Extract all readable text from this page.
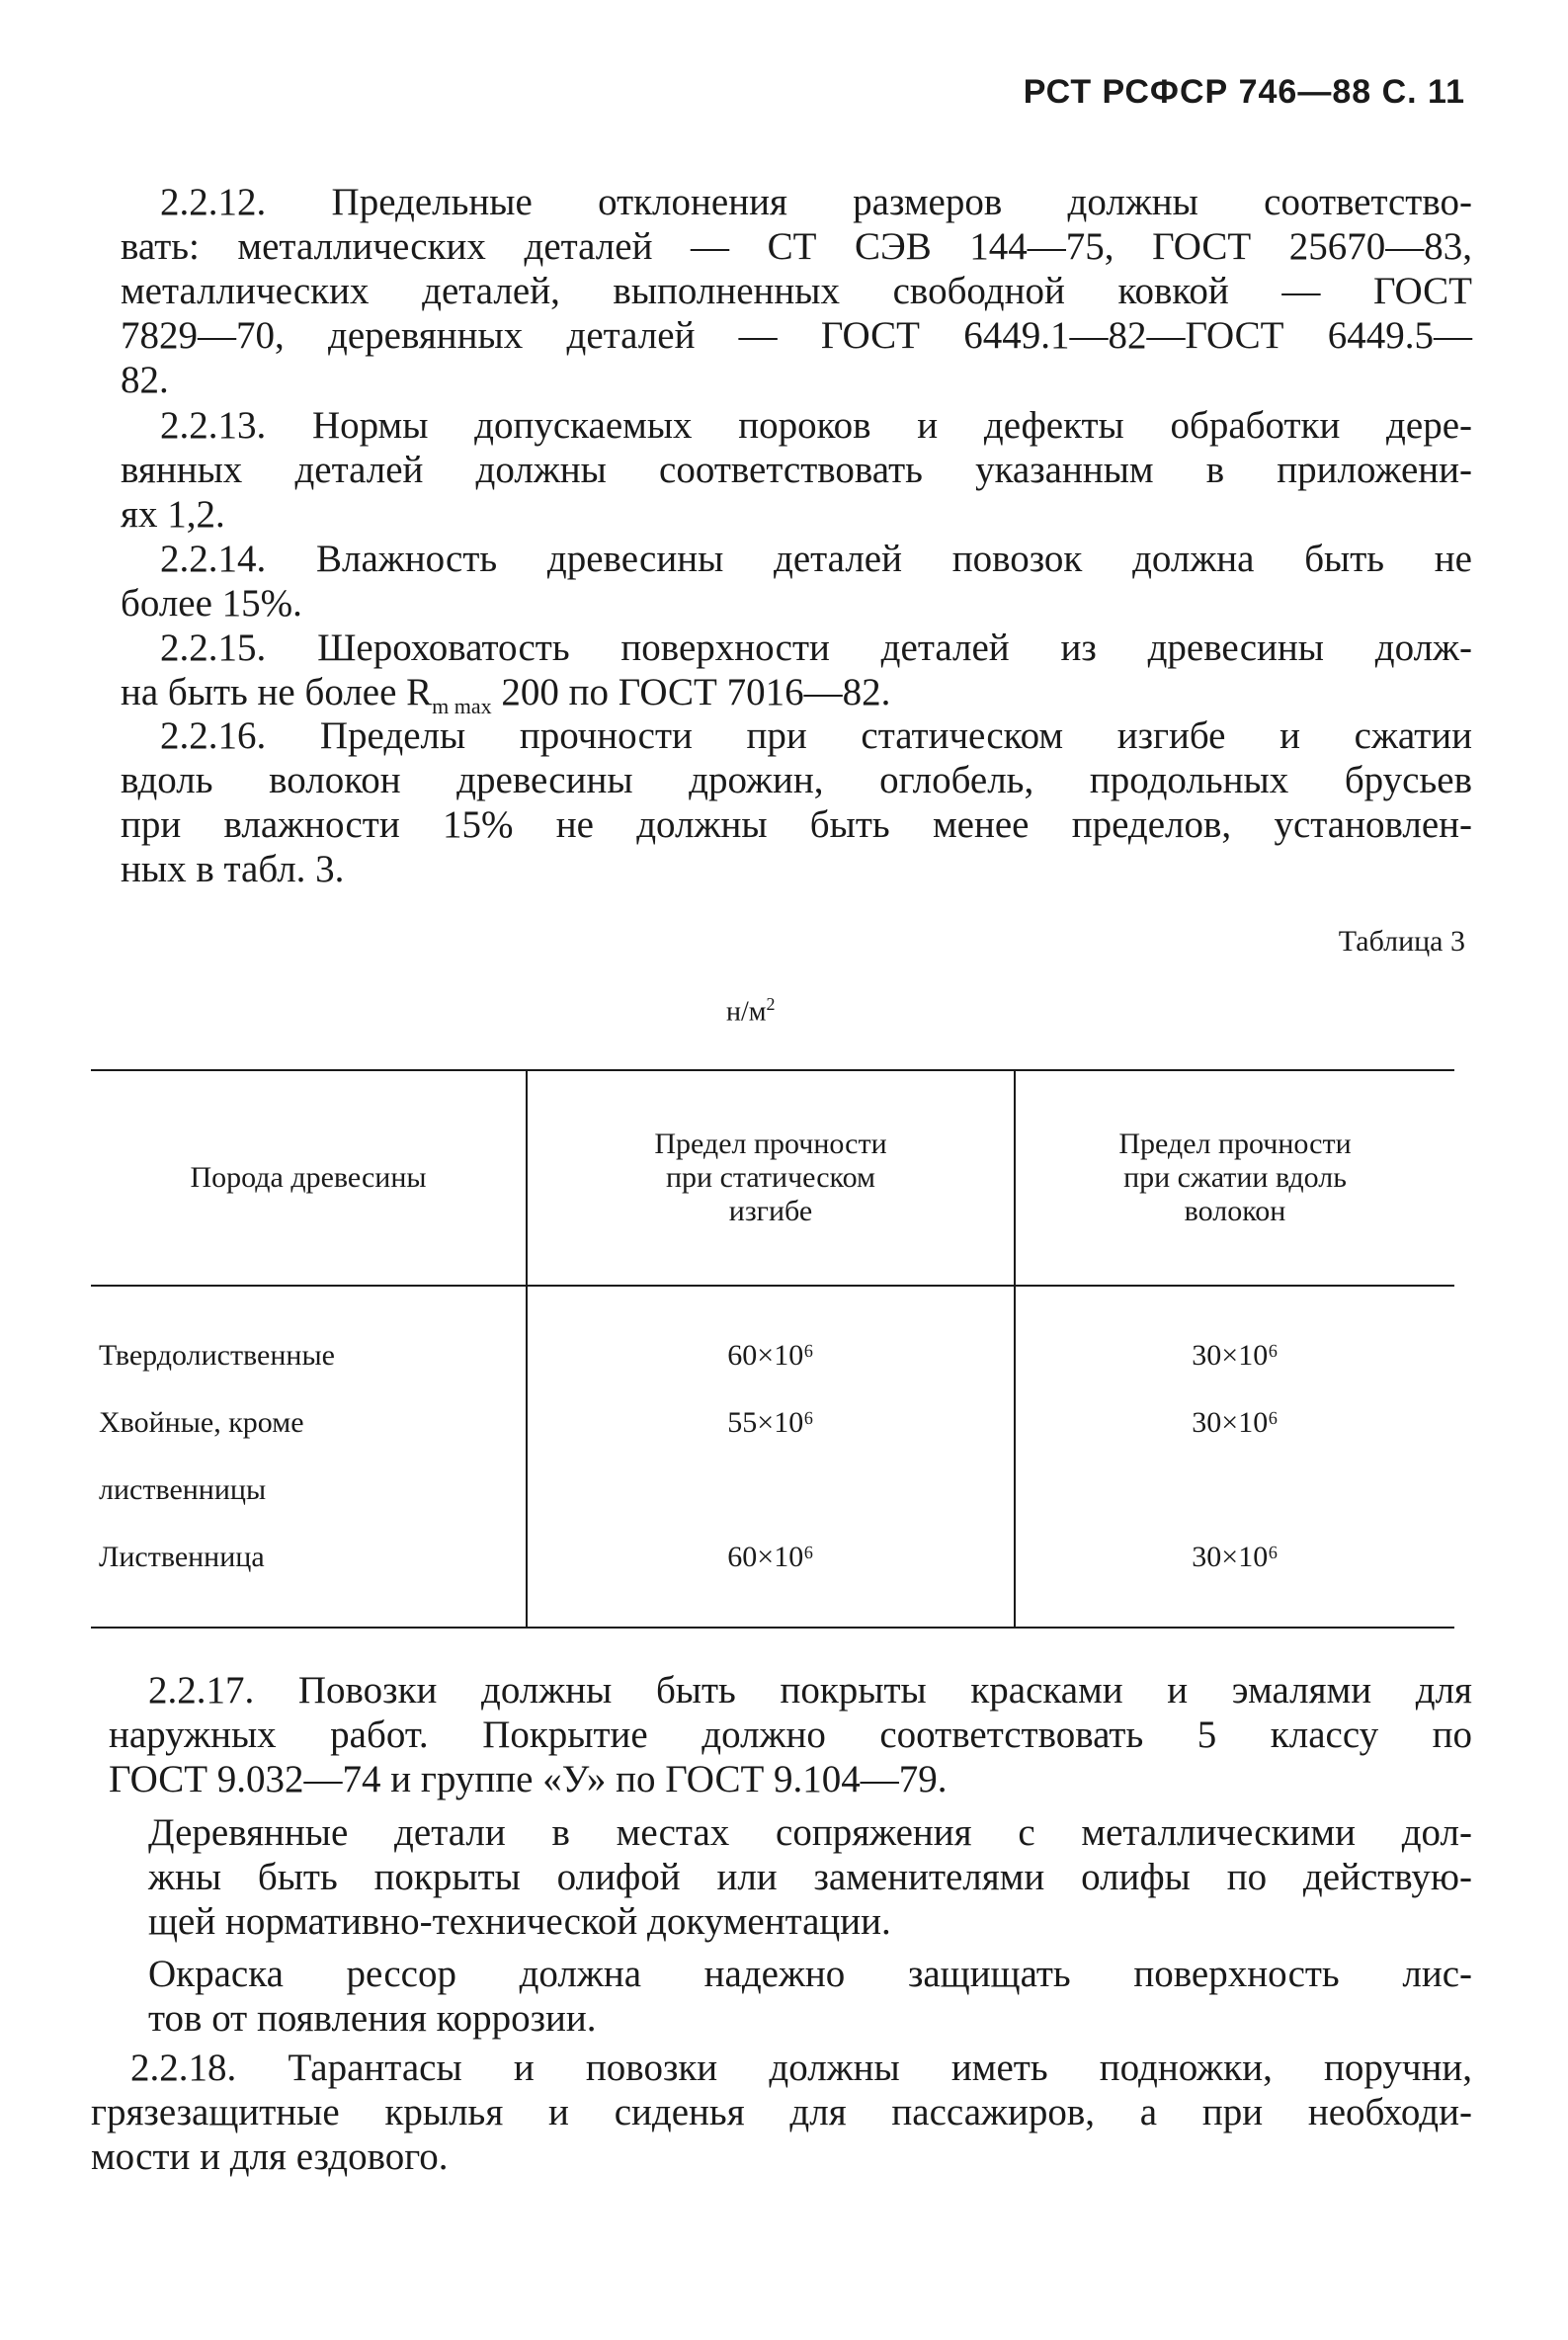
РСТ РСФСР 746—88 С. 11
2.2.12. Предельные отклонения размеров должны соответство-
вать: металлических деталей — СТ СЭВ 144—75, ГОСТ 25670—83,
металлических деталей, выполненных свободной ковкой — ГОСТ
7829—70, деревянных деталей — ГОСТ 6449.1—82—ГОСТ 6449.5—
82.
2.2.13. Нормы допускаемых пороков и дефекты обработки дере-
вянных деталей должны соответствовать указанным в приложени-
ях 1,2.
2.2.14. Влажность древесины деталей повозок должна быть не
более 15%.
2.2.15. Шероховатость поверхности деталей из древесины долж-
на быть не более $R_{m max}$ 200 по ГОСТ 7016—82.
2.2.16. Пределы прочности при статическом изгибе и сжатии
вдоль волокон древесины дрожин, оглобель, продольных брусьев
при влажности 15% не должны быть менее пределов, установлен-
ных в табл. 3.
Таблица 3
$н/м^2$
Порода древесины	Предел прочности
при статическом
изгибе	Предел прочности
при сжатии вдоль
волокон

Твердолиственные	60×10⁶	30×10⁶
Хвойные, кроме	55×10⁶	30×10⁶
лиственницы		
Лиственница	60×10⁶	30×10⁶
2.2.17. Повозки должны быть покрыты красками и эмалями для
наружных работ. Покрытие должно соответствовать 5 классу по
ГОСТ 9.032—74 и группе «У» по ГОСТ 9.104—79.
Деревянные детали в местах сопряжения с металлическими дол-
жны быть покрыты олифой или заменителями олифы по действую-
щей нормативно-технической документации.
Окраска рессор должна надежно защищать поверхность лис-
тов от появления коррозии.
2.2.18. Тарантасы и повозки должны иметь подножки, поручни,
грязезащитные крылья и сиденья для пассажиров, а при необходи-
мости и для ездового.
